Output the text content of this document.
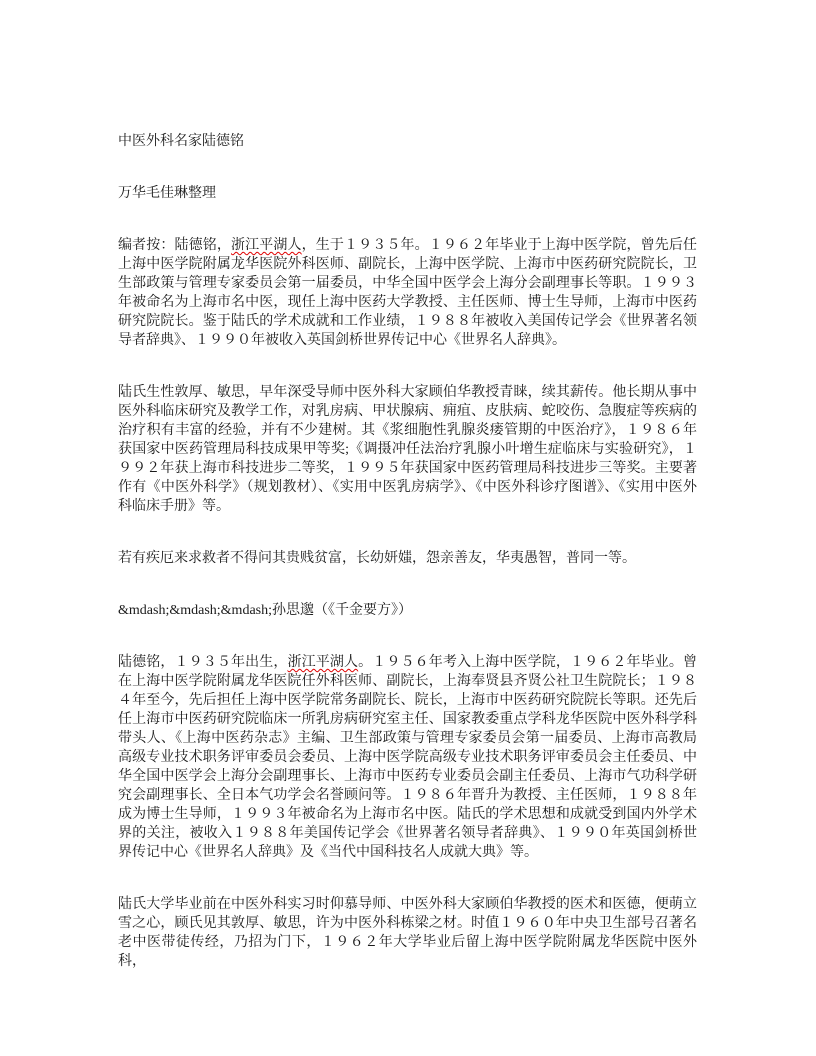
中医外科名家陆德铭

万华毛佳琳整理

编者按：陆德铭，浙江平湖人，生于１９３５年。１９６２年毕业于上海中医学院，曾先后任上海中医学院附属龙华医院外科医师、副院长，上海中医学院、上海市中医药研究院院长，卫生部政策与管理专家委员会第一届委员，中华全国中医学会上海分会副理事长等职。１９９３年被命名为上海市名中医，现任上海中医药大学教授、主任医师、博士生导师，上海市中医药研究院院长。鉴于陆氏的学术成就和工作业绩，１９８８年被收入美国传记学会《世界著名领导者辞典》、１９９０年被收入英国剑桥世界传记中心《世界名人辞典》。

陆氏生性敦厚、敏思，早年深受导师中医外科大家顾伯华教授青睐，续其薪传。他长期从事中医外科临床研究及教学工作，对乳房病、甲状腺病、痈疽、皮肤病、蛇咬伤、急腹症等疾病的治疗积有丰富的经验，并有不少建树。其《浆细胞性乳腺炎瘘管期的中医治疗》，１９８６年获国家中医药管理局科技成果甲等奖;《调摄冲任法治疗乳腺小叶增生症临床与实验研究》，１９９２年获上海市科技进步二等奖，１９９５年获国家中医药管理局科技进步三等奖。主要著作有《中医外科学》（规划教材）、《实用中医乳房病学》、《中医外科诊疗图谱》、《实用中医外科临床手册》等。

若有疾厄来求救者不得问其贵贱贫富，长幼妍媸，怨亲善友，华夷愚智，普同一等。

&mdash;&mdash;&mdash;孙思邈（《千金要方》）

陆德铭，１９３５年出生，浙江平湖人。１９５６年考入上海中医学院，１９６２年毕业。曾在上海中医学院附属龙华医院任外科医师、副院长，上海奉贤县齐贤公社卫生院院长；１９８４年至今，先后担任上海中医学院常务副院长、院长，上海市中医药研究院院长等职。还先后任上海市中医药研究院临床一所乳房病研究室主任、国家教委重点学科龙华医院中医外科学科带头人、《上海中医药杂志》主编、卫生部政策与管理专家委员会第一届委员、上海市高教局高级专业技术职务评审委员会委员、上海中医学院高级专业技术职务评审委员会主任委员、中华全国中医学会上海分会副理事长、上海市中医药专业委员会副主任委员、上海市气功科学研究会副理事长、全日本气功学会名誉顾问等。１９８６年晋升为教授、主任医师，１９８８年成为博士生导师，１９９３年被命名为上海市名中医。陆氏的学术思想和成就受到国内外学术界的关注，被收入１９８８年美国传记学会《世界著名领导者辞典》、１９９０年英国剑桥世界传记中心《世界名人辞典》及《当代中国科技名人成就大典》等。

陆氏大学毕业前在中医外科实习时仰慕导师、中医外科大家顾伯华教授的医术和医德，便萌立雪之心，顾氏见其敦厚、敏思，许为中医外科栋梁之材。时值１９６０年中央卫生部号召著名老中医带徒传经，乃招为门下，１９６２年大学毕业后留上海中医学院附属龙华医院中医外科，
